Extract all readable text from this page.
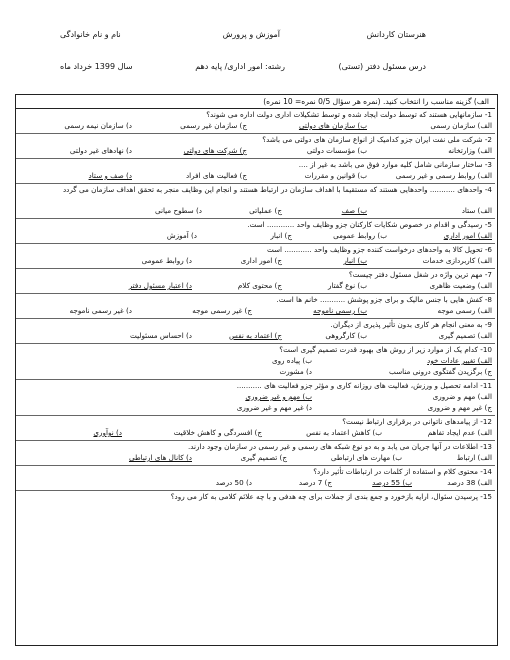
هنرستان کاردانش
آموزش و پرورش
نام و نام خانوادگی
درس مسئول دفتر (تستی)
رشته: امور اداری/ پایه دهم
سال 1399 خرداد ماه
الف) گزینه مناسب را انتخاب کنید. (نمره هر سؤال 0/5 نمره= 10 نمره)
1- سازمانهایی هستند که توسط دولت ایجاد شده و توسط تشکیلات اداری دولت اداره می شوند؟
الف) سازمان رسمی
ب) سازمان های دولتی
ج) سازمان غیر رسمی
د) سازمان نیمه رسمی
2- شرکت ملی نفت ایران جزو کدامیک از انواع سازمان های دولتی می باشد؟
الف) وزارتخانه
ب) مؤسسات دولتی
ج) شرکت های دولتی
د) نهادهای غیر دولتی
3- ساختار سازمانی شامل کلیه موارد فوق می باشد به غیر از ....
الف) روابط رسمی و غیر رسمی
ب) قوانین و مقررات
ج) فعالیت های افراد
د) صف و ستاد
4- واحدهای ........... واحدهایی هستند که مستقیما با اهداف سازمان در ارتباط هستند و انجام این وظایف منجر به تحقق اهداف سازمان می گردد
الف) ستاد
ب) صف
ج) عملیاتی
د) سطوح میانی
5- رسیدگی و اقدام در خصوص شکایات کارکنان جزو وظایف واحد ............ است.
الف) امور اداری
ب) روابط عمومی
ج) انبار
د) آموزش
6- تحویل کالا به واحدهای درخواست کننده جزو وظایف واحد ............ است
الف) کاربردازی خدمات
ب) انبار
ج) امور اداری
د) روابط عمومی
7- مهم ترین واژه در شغل مسئول دفتر چیست؟
الف) وضعیت ظاهری
ب) نوع گفتار
ج) محتوی کلام
د) اعتبار مسئول دفتر
8- کفش هایی با جنس مالیک و برای جزو پوشش ........... خانم ها است.
الف) رسمی موجه
ب) رسمی ناموجه
ج) غیر رسمی موجه
د) غیر رسمی ناموجه
9- به معنی انجام هر کاری بدون تأثیر پذیری از دیگران.
الف) تصمیم گیری
ب) کارگروهی
ج) اعتماد به نفس
د) احساس مسئولیت
10- کدام یک از موارد زیر از روش های بهبود قدرت تصمیم گیری است؟
الف) تغییر عادات خود
ب) پیاده روی
ج) برگزیدن گفتگوی درونی مناسب
د) مشورت
11- ادامه تحصیل و ورزش، فعالیت های روزانه کاری و مؤثر جزو فعالیت های ...........
الف) مهم و ضروری
ب) مهم و غیر ضروری
ج) غیر مهم و ضروری
د) غیر مهم و غیر ضروری
12- از پیامدهای ناتوانی در برقراری ارتباط نیست؟
الف) عدم ایجاد تفاهم
ب) کاهش اعتماد به نفس
ج) افسردگی و کاهش خلاقیت
د) نوآوری
13- اطلاعات در آنها جریان می یابد و به دو نوع شبکه های رسمی و غیر رسمی در سازمان وجود دارند.
الف) ارتباط
ب) مهارت های ارتباطی
ج) تصمیم گیری
د) کانال های ارتباطی
14- محتوی کلام و استفاده از کلمات در ارتباطات تأثیر دارد؟
الف) 38 درصد
ب) 55 درصد
ج) 7 درصد
د) 50 درصد
15- پرسیدن سئوال، ارایه بازخورد و جمع بندی از جملات برای چه هدفی و با چه علائم کلامی به کار می رود؟
